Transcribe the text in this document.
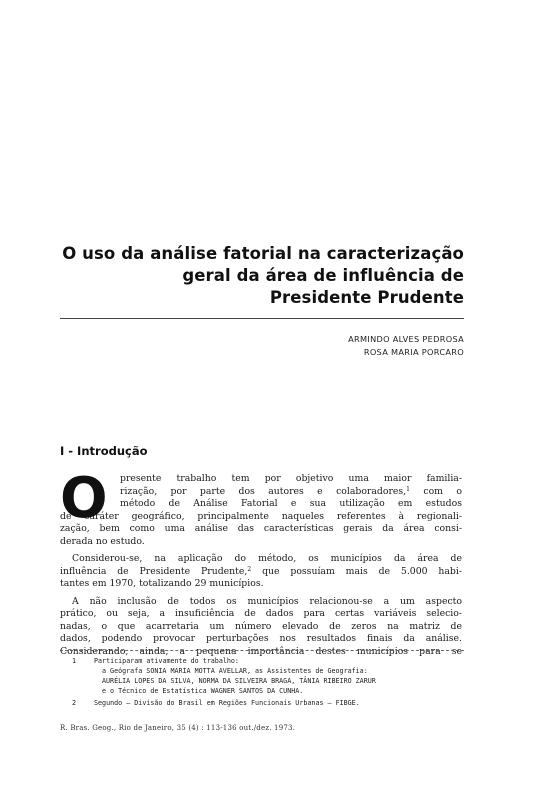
O uso da análise fatorial na caracterização
geral da área de influência de
Presidente Prudente
ARMINDO ALVES PEDROSA
ROSA MARIA PORCARO
I - Introdução
O	presente trabalho tem por objetivo uma maior familia-
rização, por parte dos autores e colaboradores,$^1$ com o
método de Análise Fatorial e sua utilização em estudos
de caráter geográfico, principalmente naqueles referentes à regionali-
zação, bem como uma análise das características gerais da área consi-
derada no estudo.
Considerou-se, na aplicação do método, os municípios da área de
influência de Presidente Prudente,$^2$ que possuíam mais de 5.000 habi-
tantes em 1970, totalizando 29 municípios.
A não inclusão de todos os municípios relacionou-se a um aspecto
prático, ou seja, a insuficiência de dados para certas variáveis selecio-
nadas, o que acarretaria um número elevado de zeros na matriz de
dados, podendo provocar perturbações nos resultados finais da análise.
Considerando, ainda, a pequena importância destes municípios para se
1	Participaram ativamente do trabalho:
a Geógrafa SONIA MARIA MOTTA AVELLAR, as Assistentes de Geografia:
AURÉLIA LOPES DA SILVA, NORMA DA SILVEIRA BRAGA, TÂNIA RIBEIRO ZARUR
e o Técnico de Estatística WAGNER SANTOS DA CUNHA.
2	Segundo — Divisão do Brasil em Regiões Funcionais Urbanas — FIBGE.
R. Bras. Geog., Rio de Janeiro, 35 (4) : 113-136 out./dez. 1973.
